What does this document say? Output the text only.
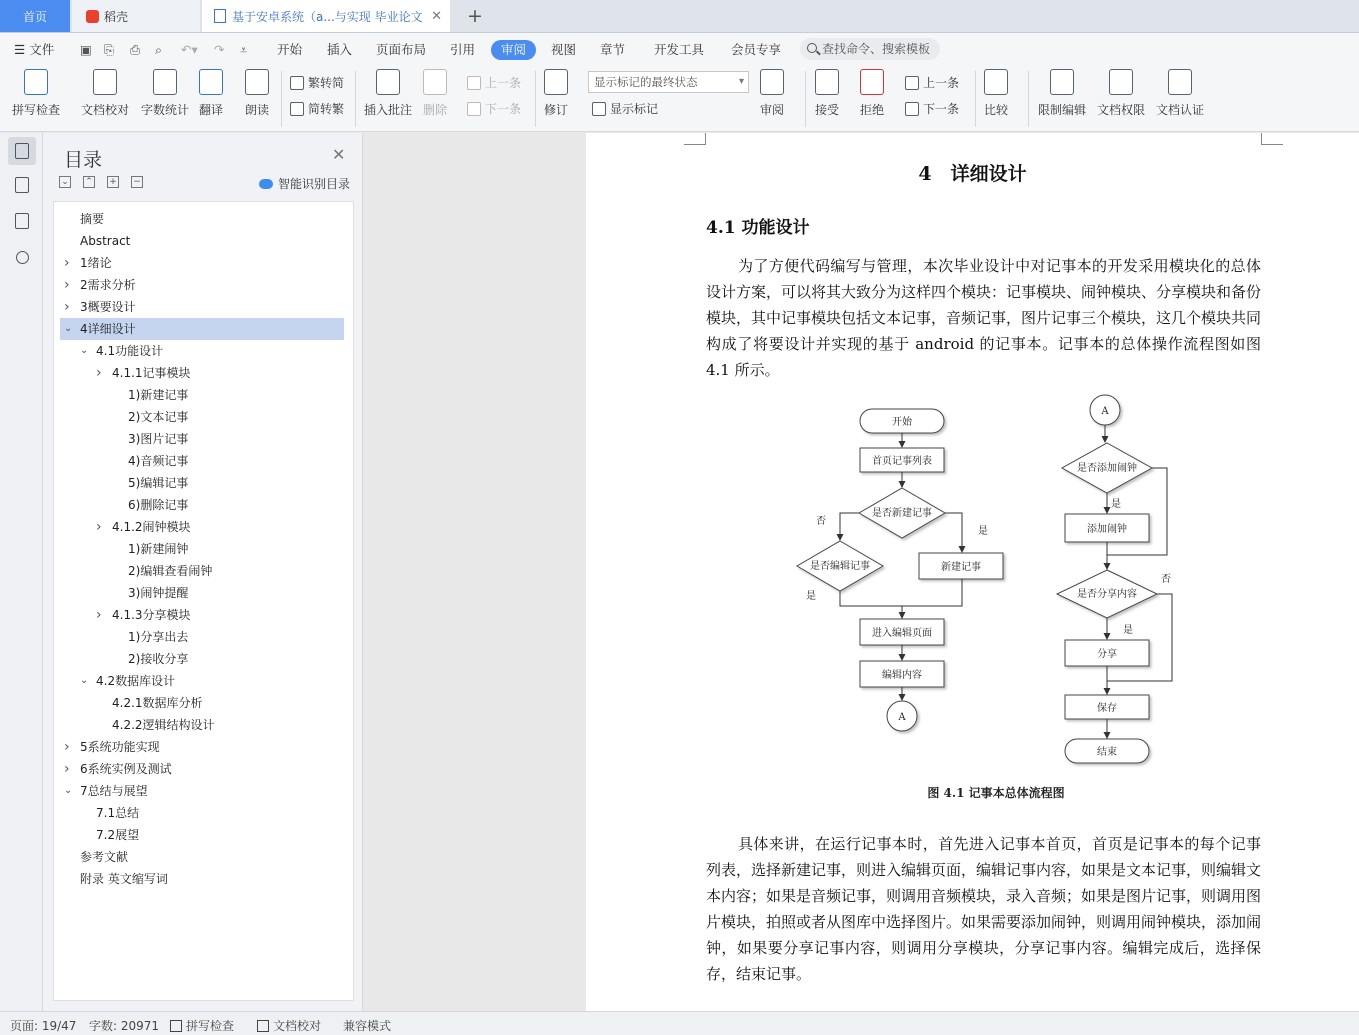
首页	稻壳	基于安卓系统（a...与实现 毕业论文 ✕ +
☰ 文件 ▣ ⎘ ⎙ ⌕ ↶▾ ↷ ⩡ 开始 插入 页面布局 引用	审阅	视图 章节 开发工具 会员专享	查找命令、搜索模板
拼写检查 文档校对 字数统计 翻译 朗读
繁转简
简转繁 插入批注 删除
上一条
下一条 修订
显示标记的最终状态 ▾
显示标记	审阅	接受 拒绝
上一条
下一条 比较 限制编辑 文档权限 文档认证
目录	✕
⌄ ⌃ + −	智能识别目录
摘要
Abstract
› 1绪论
› 2需求分析
› 3概要设计
⌄ 4详细设计
⌄ 4.1功能设计
› 4.1.1记事模块
1)新建记事
2)文本记事
3)图片记事
4)音频记事
5)编辑记事
6)删除记事
› 4.1.2闹钟模块
1)新建闹钟
2)编辑查看闹钟
3)闹钟提醒
› 4.1.3分享模块
1)分享出去
2)接收分享
⌄ 4.2数据库设计
4.2.1数据库分析
4.2.2逻辑结构设计
› 5系统功能实现
› 6系统实例及测试
⌄ 7总结与展望
7.1总结
7.2展望
参考文献
附录 英文缩写词
4　详细设计
4.1 功能设计
为了方便代码编写与管理，本次毕业设计中对记事本的开发采用模块化的总体设计方案，可以将其大致分为这样四个模块：记事模块、闹钟模块、分享模块和备份模块，其中记事模块包括文本记事，音频记事，图片记事三个模块，这几个模块共同构成了将要设计并实现的基于 android 的记事本。记事本的总体操作流程图如图 4.1 所示。
开始
首页记事列表
是否新建记事
是否编辑记事	新建记事
进入编辑页面
编辑内容
A
A
是否添加闹钟
添加闹钟
是否分享内容
分享
保存
结束
否
是
是
是
否
是
图 4.1 记事本总体流程图
具体来讲，在运行记事本时，首先进入记事本首页，首页是记事本的每个记事列表，选择新建记事，则进入编辑页面，编辑记事内容，如果是文本记事，则编辑文本内容；如果是音频记事，则调用音频模块，录入音频；如果是图片记事，则调用图片模块，拍照或者从图库中选择图片。如果需要添加闹钟，则调用闹钟模块，添加闹钟，如果要分享记事内容，则调用分享模块，分享记事内容。编辑完成后，选择保存，结束记事。
页面: 19/47 字数: 20971 拼写检查	文档校对 兼容模式
